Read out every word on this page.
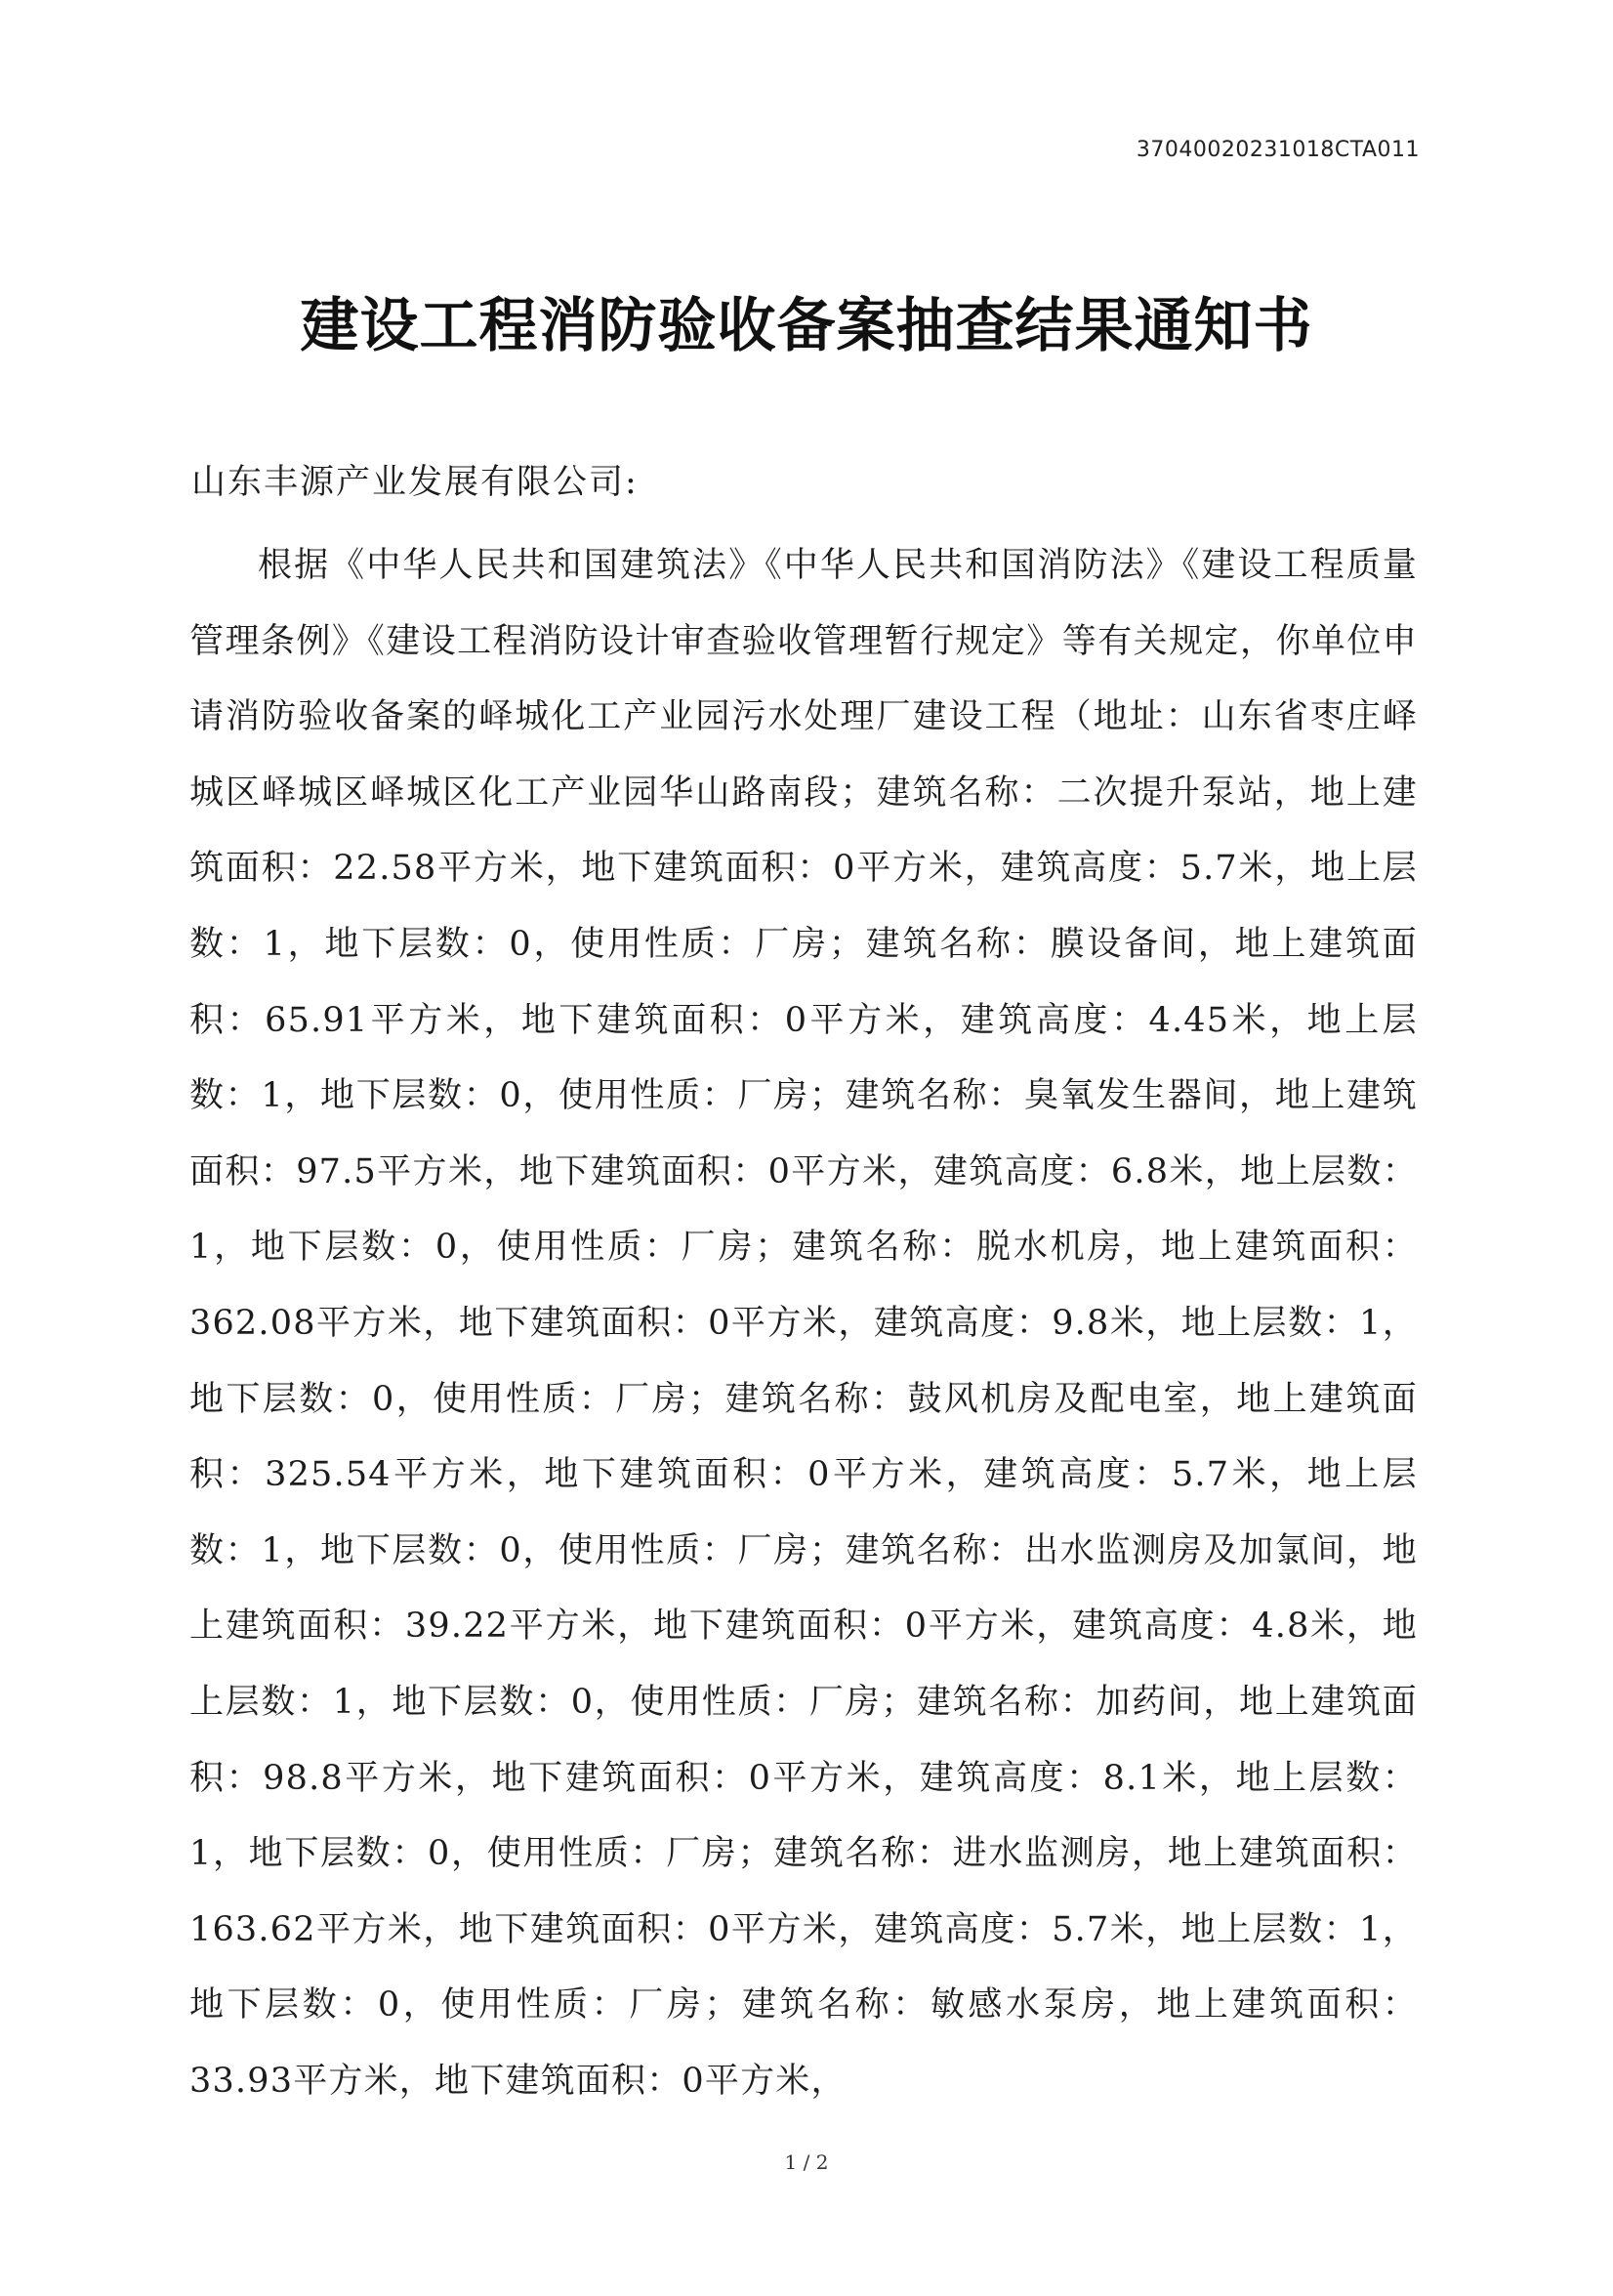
37040020231018CTA011
建设工程消防验收备案抽查结果通知书
山东丰源产业发展有限公司:

根据《中华人民共和国建筑法》《中华人民共和国消防法》《建设工程质量管理条例》《建设工程消防设计审查验收管理暂行规定》等有关规定，你单位申请消防验收备案的峄城化工产业园污水处理厂建设工程（地址：山东省枣庄峄城区峄城区峄城区化工产业园华山路南段；建筑名称：二次提升泵站，地上建筑面积：22.58平方米，地下建筑面积：0平方米，建筑高度：5.7米，地上层数：1，地下层数：0，使用性质：厂房；建筑名称：膜设备间，地上建筑面积：65.91平方米，地下建筑面积：0平方米，建筑高度：4.45米，地上层数：1，地下层数：0，使用性质：厂房；建筑名称：臭氧发生器间，地上建筑面积：97.5平方米，地下建筑面积：0平方米，建筑高度：6.8米，地上层数：1，地下层数：0，使用性质：厂房；建筑名称：脱水机房，地上建筑面积：362.08平方米，地下建筑面积：0平方米，建筑高度：9.8米，地上层数：1，地下层数：0，使用性质：厂房；建筑名称：鼓风机房及配电室，地上建筑面积：325.54平方米，地下建筑面积：0平方米，建筑高度：5.7米，地上层数：1，地下层数：0，使用性质：厂房；建筑名称：出水监测房及加氯间，地上建筑面积：39.22平方米，地下建筑面积：0平方米，建筑高度：4.8米，地上层数：1，地下层数：0，使用性质：厂房；建筑名称：加药间，地上建筑面积：98.8平方米，地下建筑面积：0平方米，建筑高度：8.1米，地上层数：1，地下层数：0，使用性质：厂房；建筑名称：进水监测房，地上建筑面积：163.62平方米，地下建筑面积：0平方米，建筑高度：5.7米，地上层数：1，地下层数：0，使用性质：厂房；建筑名称：敏感水泵房，地上建筑面积：33.93平方米，地下建筑面积：0平方米，

1 / 2
